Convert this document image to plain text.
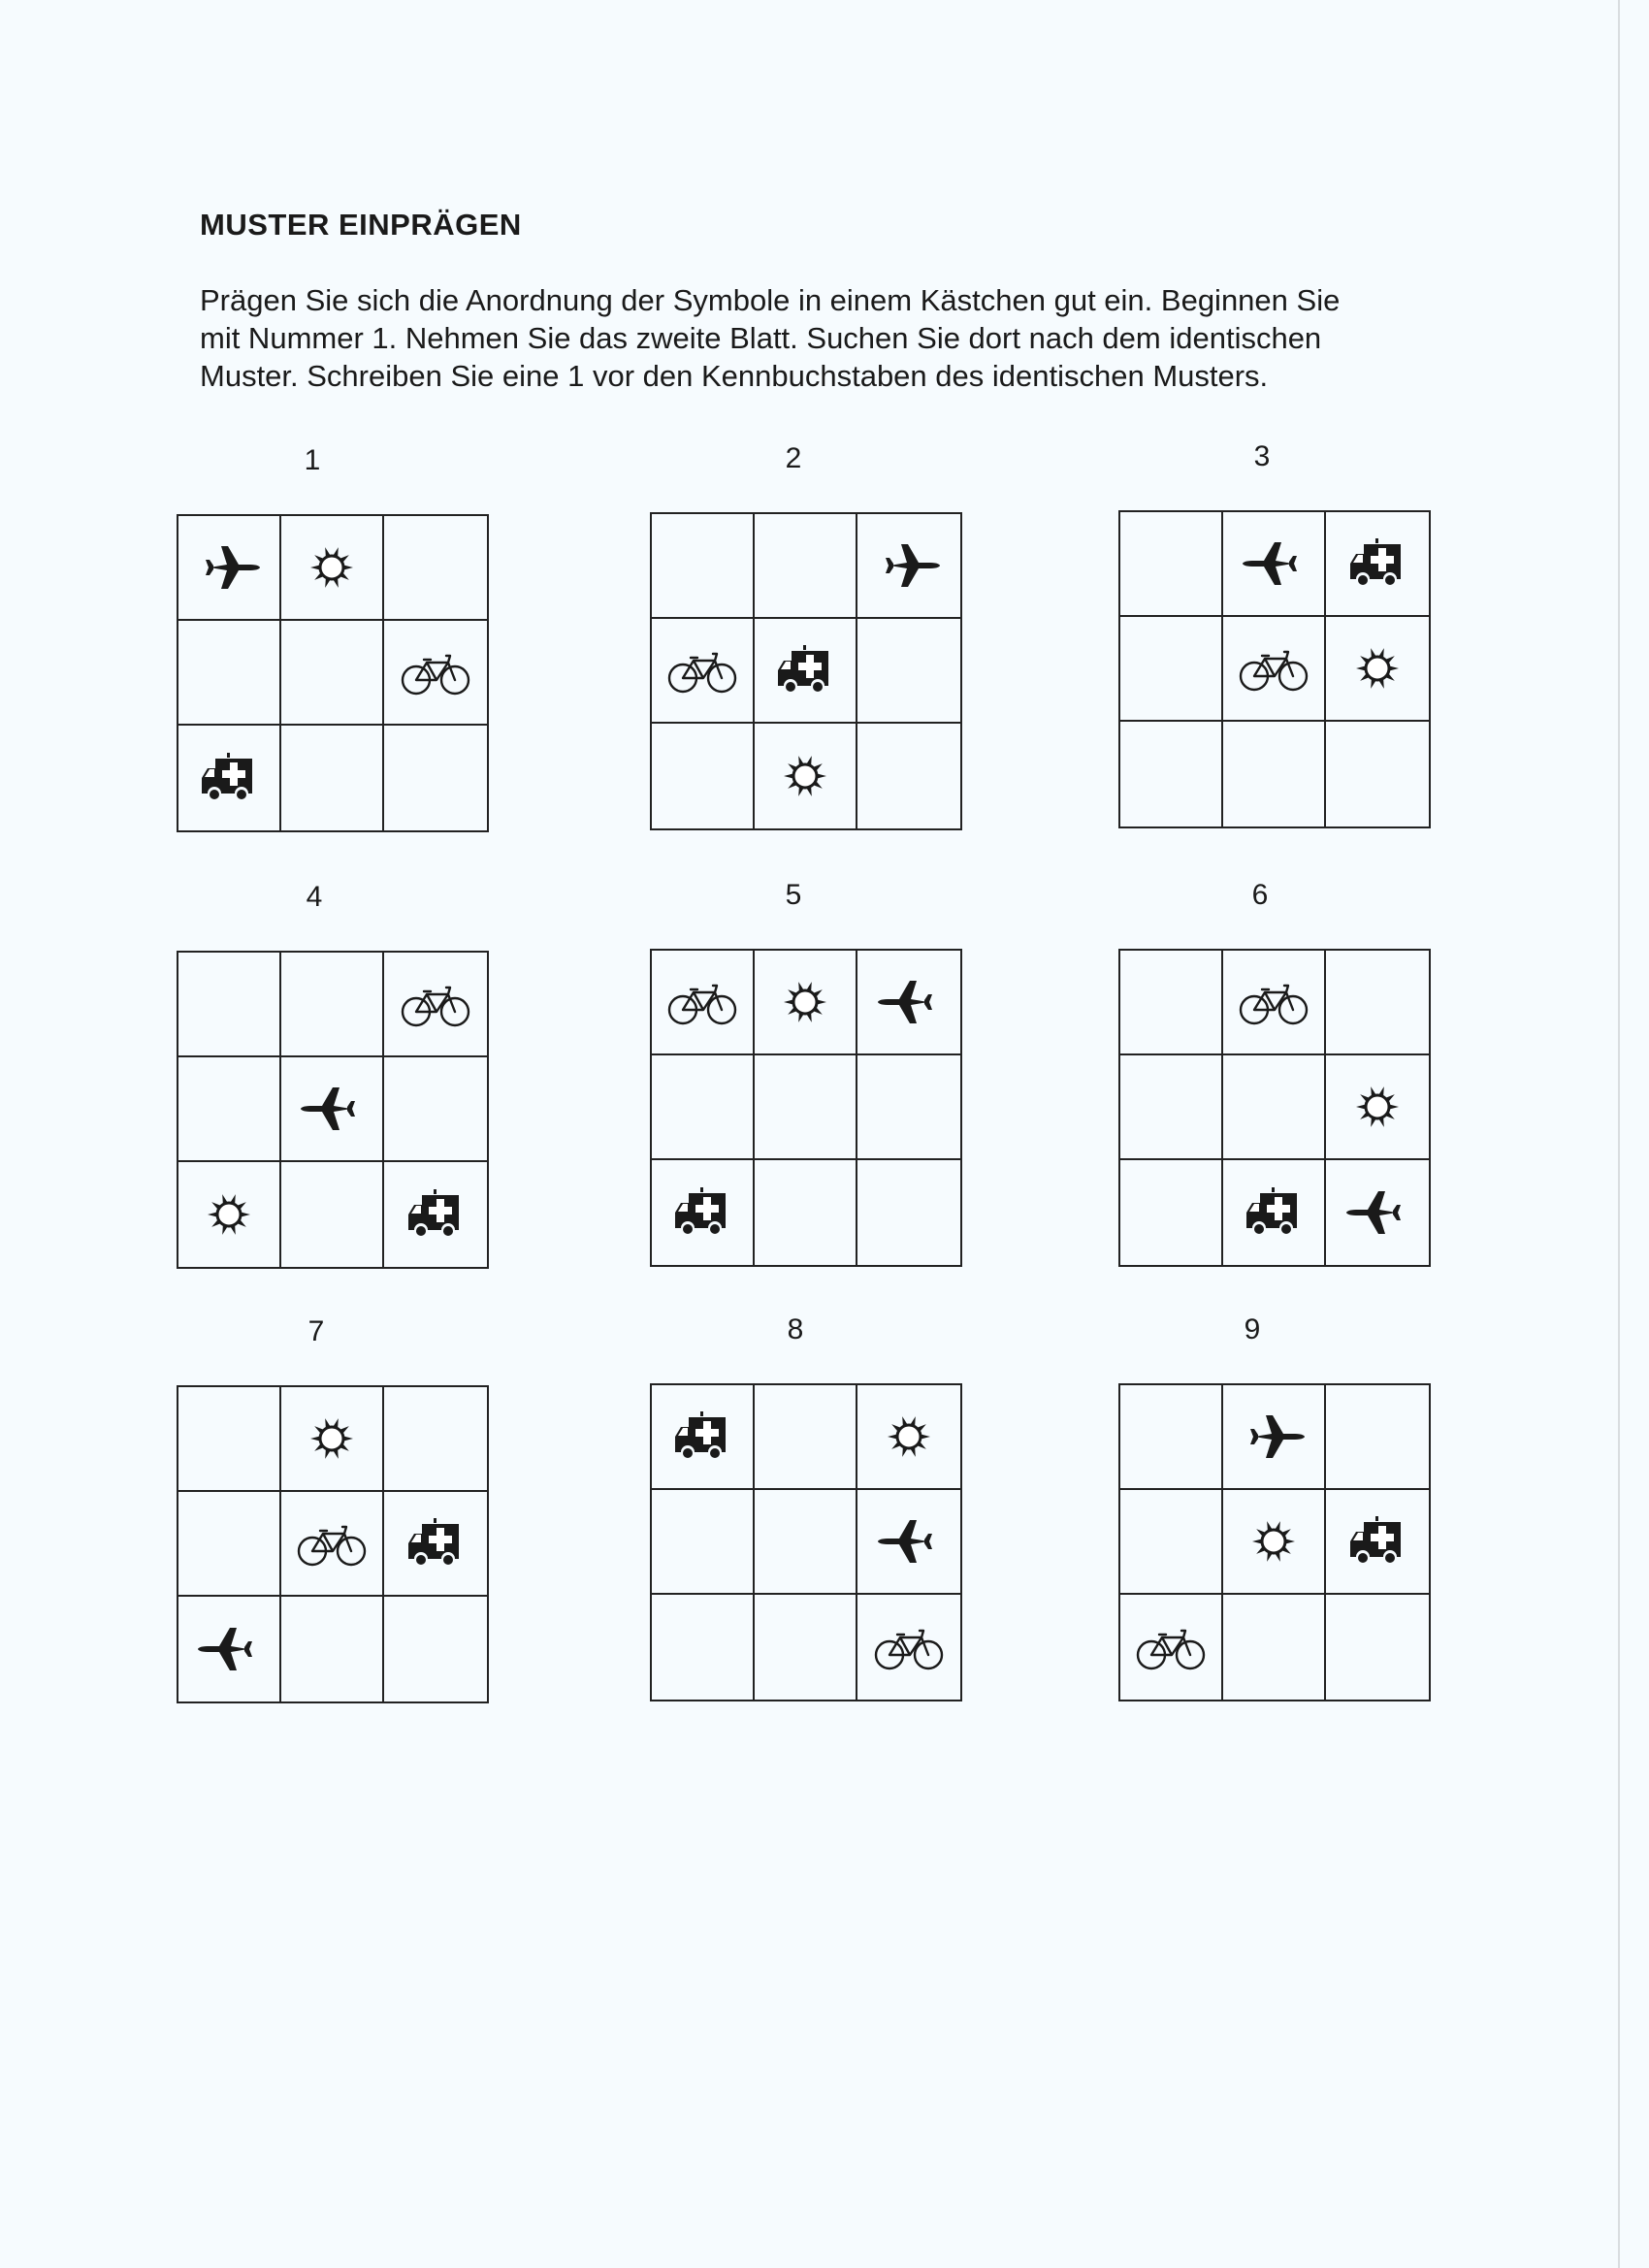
MUSTER EINPRÄGEN
Prägen Sie sich die Anordnung der Symbole in einem Kästchen gut ein. Beginnen Sie
mit Nummer 1. Nehmen Sie das zweite Blatt. Suchen Sie dort nach dem identischen
Muster. Schreiben Sie eine 1 vor den Kennbuchstaben des identischen Musters.
1	2	3
4	5	6
7	8	9
